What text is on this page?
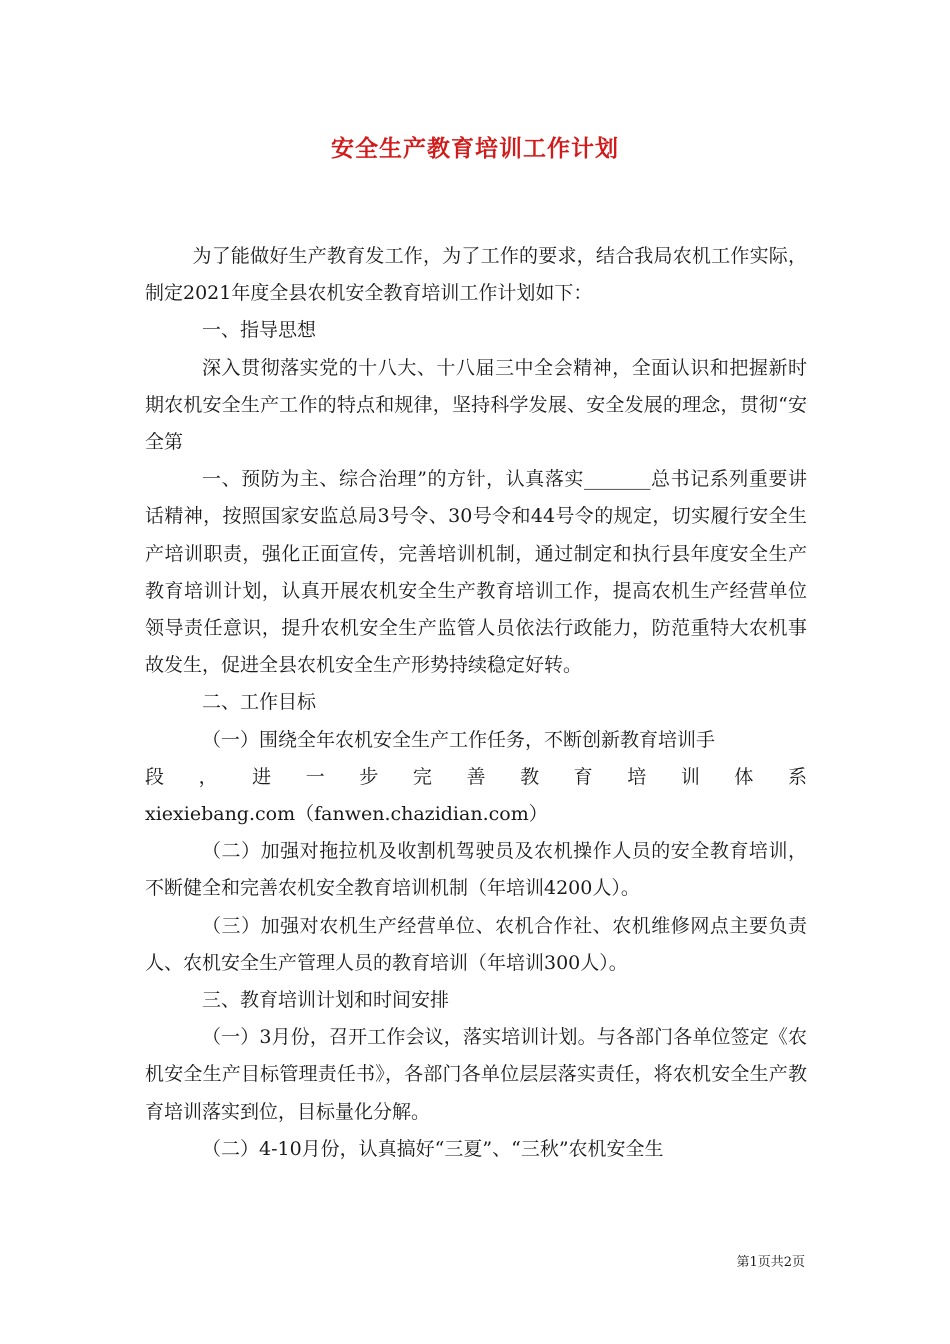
安全生产教育培训工作计划

为了能做好生产教育发工作，为了工作的要求，结合我局农机工作实际，制定2021年度全县农机安全教育培训工作计划如下：

一、指导思想

深入贯彻落实党的十八大、十八届三中全会精神，全面认识和把握新时期农机安全生产工作的特点和规律，坚持科学发展、安全发展的理念，贯彻“安全第

一、预防为主、综合治理”的方针，认真落实_______总书记系列重要讲话精神，按照国家安监总局3号令、30号令和44号令的规定，切实履行安全生产培训职责，强化正面宣传，完善培训机制，通过制定和执行县年度安全生产教育培训计划，认真开展农机安全生产教育培训工作，提高农机生产经营单位领导责任意识，提升农机安全生产监管人员依法行政能力，防范重特大农机事故发生，促进全县农机安全生产形势持续稳定好转。

二、工作目标

（一）围绕全年农机安全生产工作任务，不断创新教育培训手

段，进一步完善教育培训体系

xiexiebang.com（fanwen.chazidian.com）

（二）加强对拖拉机及收割机驾驶员及农机操作人员的安全教育培训，不断健全和完善农机安全教育培训机制（年培训4200人）。

（三）加强对农机生产经营单位、农机合作社、农机维修网点主要负责人、农机安全生产管理人员的教育培训（年培训300人）。

三、教育培训计划和时间安排

（一）3月份，召开工作会议，落实培训计划。与各部门各单位签定《农机安全生产目标管理责任书》，各部门各单位层层落实责任，将农机安全生产教育培训落实到位，目标量化分解。

（二）4-10月份，认真搞好“三夏”、“三秋”农机安全生

第1页共2页
